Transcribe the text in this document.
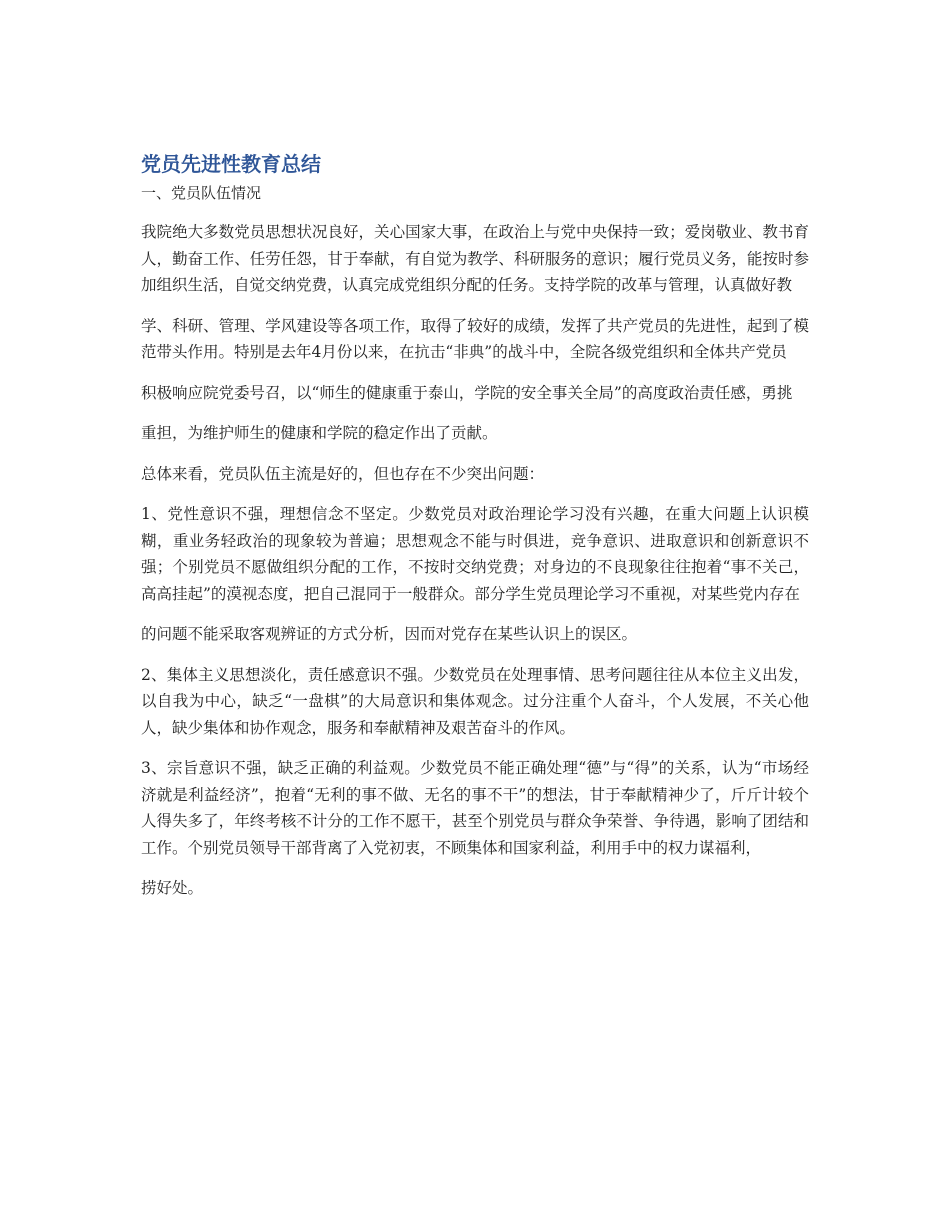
党员先进性教育总结
一、党员队伍情况

我院绝大多数党员思想状况良好，关心国家大事，在政治上与党中央保持一致；爱岗敬业、教书育人，勤奋工作、任劳任怨，甘于奉献，有自觉为教学、科研服务的意识；履行党员义务，能按时参加组织生活，自觉交纳党费，认真完成党组织分配的任务。支持学院的改革与管理，认真做好教

学、科研、管理、学风建设等各项工作，取得了较好的成绩，发挥了共产党员的先进性，起到了模范带头作用。特别是去年4月份以来，在抗击“非典”的战斗中，全院各级党组织和全体共产党员

积极响应院党委号召，以“师生的健康重于泰山，学院的安全事关全局”的高度政治责任感，勇挑

重担，为维护师生的健康和学院的稳定作出了贡献。

总体来看，党员队伍主流是好的，但也存在不少突出问题：

1、党性意识不强，理想信念不坚定。少数党员对政治理论学习没有兴趣，在重大问题上认识模糊，重业务轻政治的现象较为普遍；思想观念不能与时俱进，竞争意识、进取意识和创新意识不强；个别党员不愿做组织分配的工作，不按时交纳党费；对身边的不良现象往往抱着“事不关己，高高挂起”的漠视态度，把自己混同于一般群众。部分学生党员理论学习不重视，对某些党内存在

的问题不能采取客观辨证的方式分析，因而对党存在某些认识上的误区。

2、集体主义思想淡化，责任感意识不强。少数党员在处理事情、思考问题往往从本位主义出发，以自我为中心，缺乏“一盘棋”的大局意识和集体观念。过分注重个人奋斗，个人发展，不关心他人，缺少集体和协作观念，服务和奉献精神及艰苦奋斗的作风。

3、宗旨意识不强，缺乏正确的利益观。少数党员不能正确处理“德”与“得”的关系，认为“市场经济就是利益经济”，抱着“无利的事不做、无名的事不干”的想法，甘于奉献精神少了，斤斤计较个人得失多了，年终考核不计分的工作不愿干，甚至个别党员与群众争荣誉、争待遇，影响了团结和工作。个别党员领导干部背离了入党初衷，不顾集体和国家利益，利用手中的权力谋福利，

捞好处。
